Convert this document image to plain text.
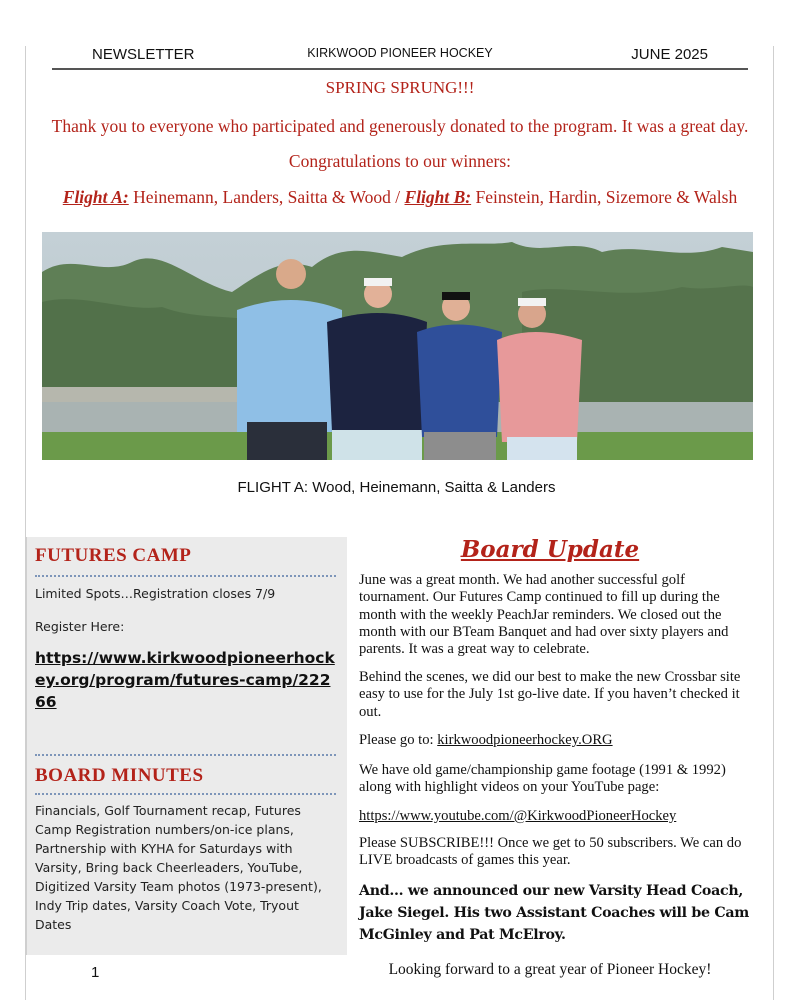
NEWSLETTER	KIRKWOOD PIONEER HOCKEY	JUNE 2025
SPRING SPRUNG!!!
Thank you to everyone who participated and generously donated to the program. It was a great day.
Congratulations to our winners:
Flight A: Heinemann, Landers, Saitta & Wood / Flight B: Feinstein, Hardin, Sizemore & Walsh
FLIGHT A: Wood, Heinemann, Saitta & Landers
FUTURES CAMP
Limited Spots…Registration closes 7/9
Register Here:
https://www.kirkwoodpioneerhockey.org/program/futures-camp/22266
BOARD MINUTES
Financials, Golf Tournament recap, Futures Camp Registration numbers/on-ice plans, Partnership with KYHA for Saturdays with Varsity, Bring back Cheerleaders, YouTube, Digitized Varsity Team photos (1973-present), Indy Trip dates, Varsity Coach Vote, Tryout Dates
Board Update
June was a great month. We had another successful golf tournament. Our Futures Camp continued to fill up during the month with the weekly PeachJar reminders. We closed out the month with our BTeam Banquet and had over sixty players and parents. It was a great way to celebrate.
Behind the scenes, we did our best to make the new Crossbar site easy to use for the July 1st go-live date. If you haven’t checked it out.
Please go to: kirkwoodpioneerhockey.ORG
We have old game/championship game footage (1991 & 1992) along with highlight videos on your YouTube page:
https://www.youtube.com/@KirkwoodPioneerHockey
Please SUBSCRIBE!!! Once we get to 50 subscribers. We can do LIVE broadcasts of games this year.
And… we announced our new Varsity Head Coach, Jake Siegel. His two Assistant Coaches will be Cam McGinley and Pat McElroy.
Looking forward to a great year of Pioneer Hockey!
1
